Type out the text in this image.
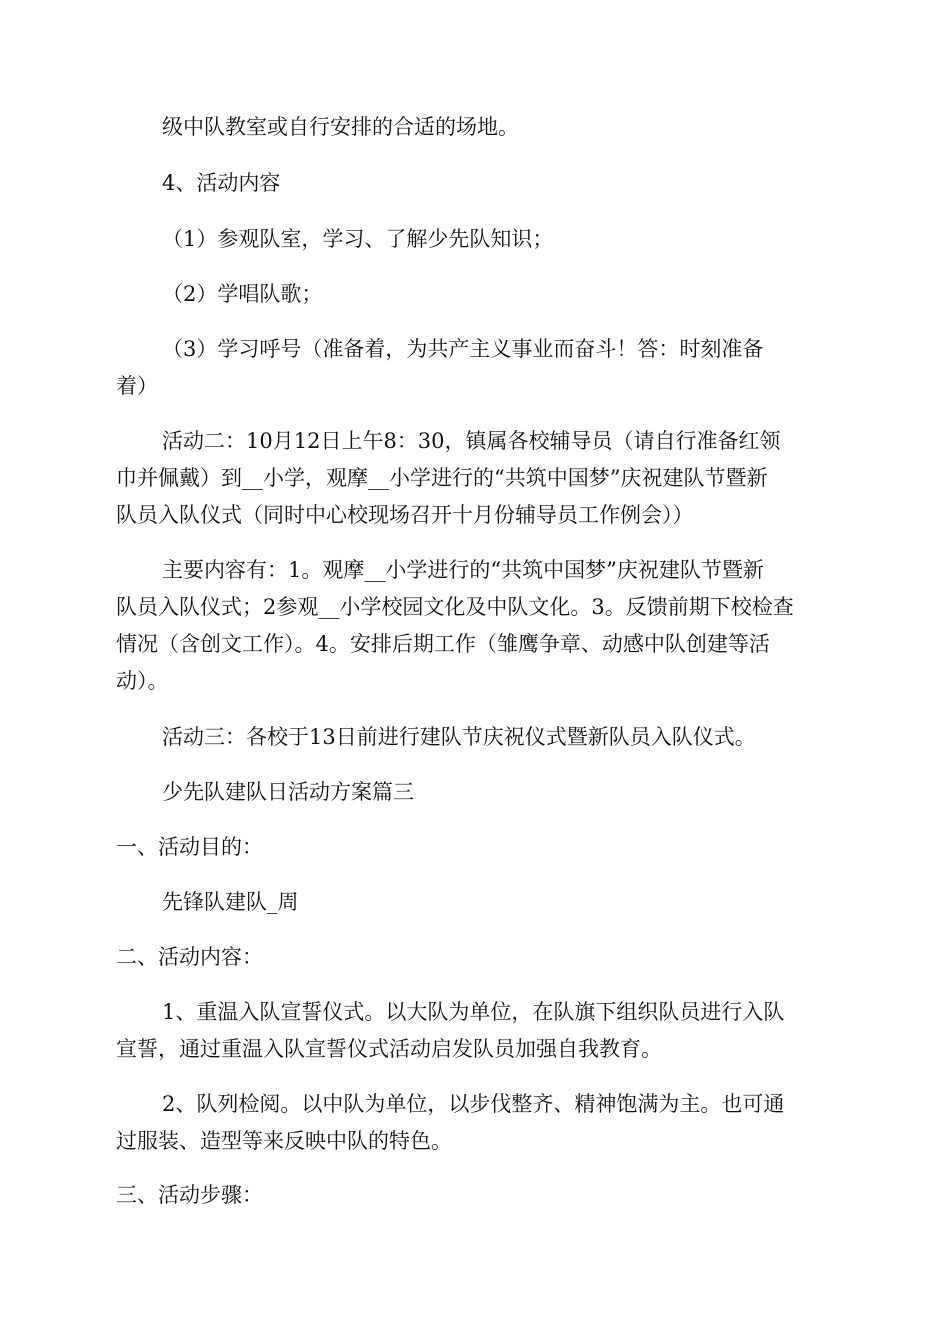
级中队教室或自行安排的合适的场地。
4、活动内容
（1）参观队室，学习、了解少先队知识；
（2）学唱队歌；
（3）学习呼号（准备着，为共产主义事业而奋斗！答：时刻准备
着）
活动二：10月12日上午8：30，镇属各校辅导员（请自行准备红领
巾并佩戴）到__小学，观摩__小学进行的“共筑中国梦”庆祝建队节暨新
队员入队仪式（同时中心校现场召开十月份辅导员工作例会））
主要内容有：1。观摩__小学进行的“共筑中国梦”庆祝建队节暨新
队员入队仪式；2参观__小学校园文化及中队文化。3。反馈前期下校检查
情况（含创文工作）。4。安排后期工作（雏鹰争章、动感中队创建等活
动）。
活动三：各校于13日前进行建队节庆祝仪式暨新队员入队仪式。
少先队建队日活动方案篇三
一、活动目的：
先锋队建队_周
二、活动内容：
1、重温入队宣誓仪式。以大队为单位，在队旗下组织队员进行入队
宣誓，通过重温入队宣誓仪式活动启发队员加强自我教育。
2、队列检阅。以中队为单位，以步伐整齐、精神饱满为主。也可通
过服装、造型等来反映中队的特色。
三、活动步骤：
